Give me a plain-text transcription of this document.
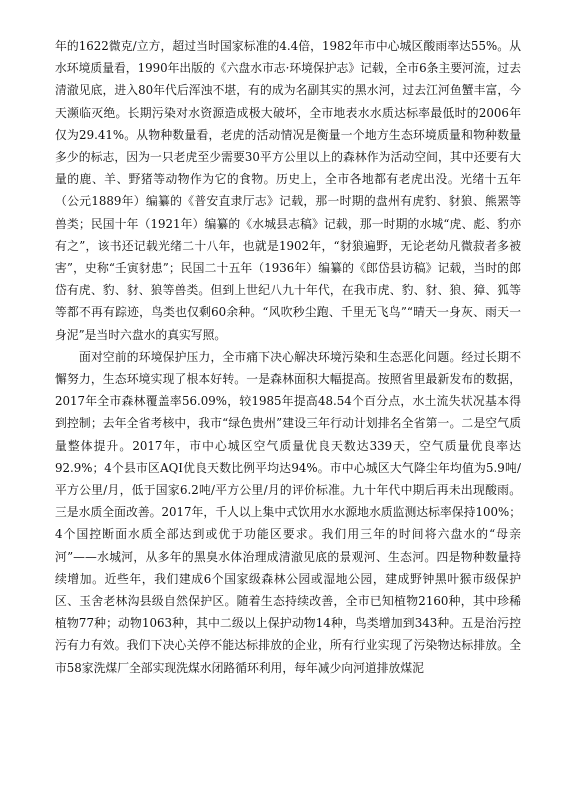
年的1622微克/立方，超过当时国家标准的4.4倍，1982年市中心城区酸雨率达55%。从水环境质量看，1990年出版的《六盘水市志·环境保护志》记载，全市6条主要河流，过去清澈见底，进入80年代后浑浊不堪，有的成为名副其实的黑水河，过去江河鱼蟹丰富，今天濒临灭绝。长期污染对水资源造成极大破坏，全市地表水水质达标率最低时的2006年仅为29.41%。从物种数量看，老虎的活动情况是衡量一个地方生态环境质量和物种数量多少的标志，因为一只老虎至少需要30平方公里以上的森林作为活动空间，其中还要有大量的鹿、羊、野猪等动物作为它的食物。历史上，全市各地都有老虎出没。光绪十五年（公元1889年）编纂的《普安直隶厅志》记载，那一时期的盘州有虎豹、豺狼、熊罴等兽类；民国十年（1921年）编纂的《水城县志稿》记载，那一时期的水城“虎、彪、豹亦有之”，该书还记载光绪二十八年，也就是1902年，“豺狼遍野，无论老幼凡微菽者多被害”，史称“壬寅豺患”；民国二十五年（1936年）编纂的《郎岱县访稿》记载，当时的郎岱有虎、豹、豺、狼等兽类。但到上世纪八九十年代，在我市虎、豹、豺、狼、獐、狐等等都不再有踪迹，鸟类也仅剩60余种。“风吹秒尘跑、千里无飞鸟”“晴天一身灰、雨天一身泥”是当时六盘水的真实写照。

面对空前的环境保护压力，全市痛下决心解决环境污染和生态恶化问题。经过长期不懈努力，生态环境实现了根本好转。一是森林面积大幅提高。按照省里最新发布的数据，2017年全市森林覆盖率56.09%，较1985年提高48.54个百分点，水土流失状况基本得到控制；去年全省考核中，我市“绿色贵州”建设三年行动计划排名全省第一。二是空气质量整体提升。2017年，市中心城区空气质量优良天数达339天，空气质量优良率达92.9%；4个县市区AQI优良天数比例平均达94%。市中心城区大气降尘年均值为5.9吨/平方公里/月，低于国家6.2吨/平方公里/月的评价标准。九十年代中期后再未出现酸雨。三是水质全面改善。2017年，千人以上集中式饮用水水源地水质监测达标率保持100%；4个国控断面水质全部达到或优于功能区要求。我们用三年的时间将六盘水的“母亲河”——水城河，从多年的黑臭水体治理成清澈见底的景观河、生态河。四是物种数量持续增加。近些年，我们建成6个国家级森林公园或湿地公园，建成野钟黑叶猴市级保护区、玉舍老林沟县级自然保护区。随着生态持续改善，全市已知植物2160种，其中珍稀植物77种；动物1063种，其中二级以上保护动物14种，鸟类增加到343种。五是治污控污有力有效。我们下决心关停不能达标排放的企业，所有行业实现了污染物达标排放。全市58家洗煤厂全部实现洗煤水闭路循环利用，每年减少向河道排放煤泥
